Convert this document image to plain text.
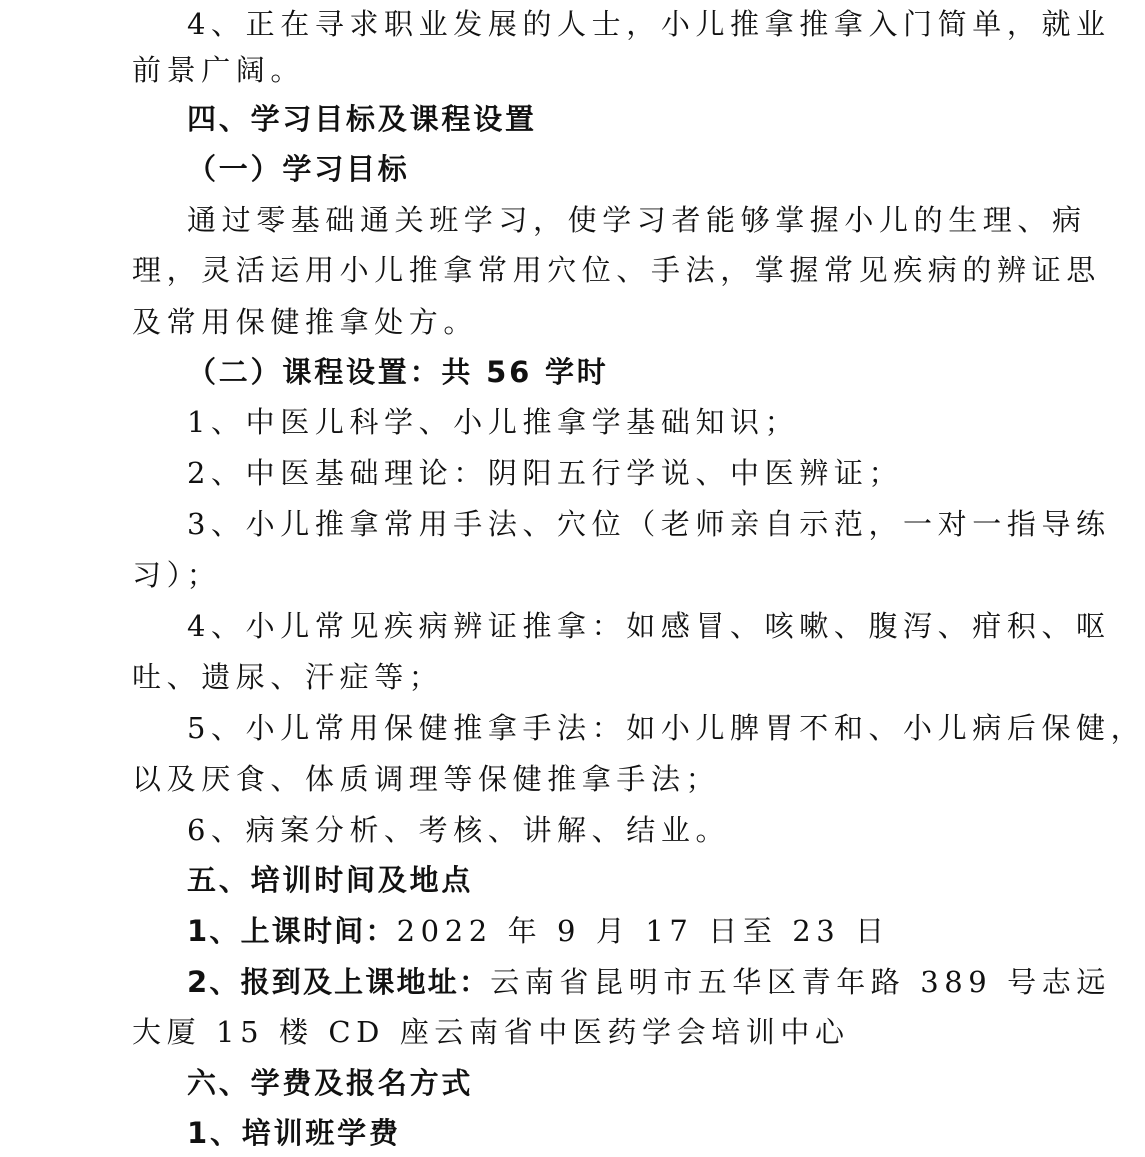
4、正在寻求职业发展的人士，小儿推拿推拿入门简单，就业
前景广阔。
四、学习目标及课程设置
（一）学习目标
通过零基础通关班学习，使学习者能够掌握小儿的生理、病
理，灵活运用小儿推拿常用穴位、手法，掌握常见疾病的辨证思
及常用保健推拿处方。
（二）课程设置：共 56 学时
1、中医儿科学、小儿推拿学基础知识；
2、中医基础理论：阴阳五行学说、中医辨证；
3、小儿推拿常用手法、穴位（老师亲自示范，一对一指导练
习）；
4、小儿常见疾病辨证推拿：如感冒、咳嗽、腹泻、疳积、呕
吐、遗尿、汗症等；
5、小儿常用保健推拿手法：如小儿脾胃不和、小儿病后保健，
以及厌食、体质调理等保健推拿手法；
6、病案分析、考核、讲解、结业。
五、培训时间及地点
1、上课时间：2022 年 9 月 17 日至 23 日
2、报到及上课地址：云南省昆明市五华区青年路 389 号志远
大厦 15 楼 CD 座云南省中医药学会培训中心
六、学费及报名方式
1、培训班学费
